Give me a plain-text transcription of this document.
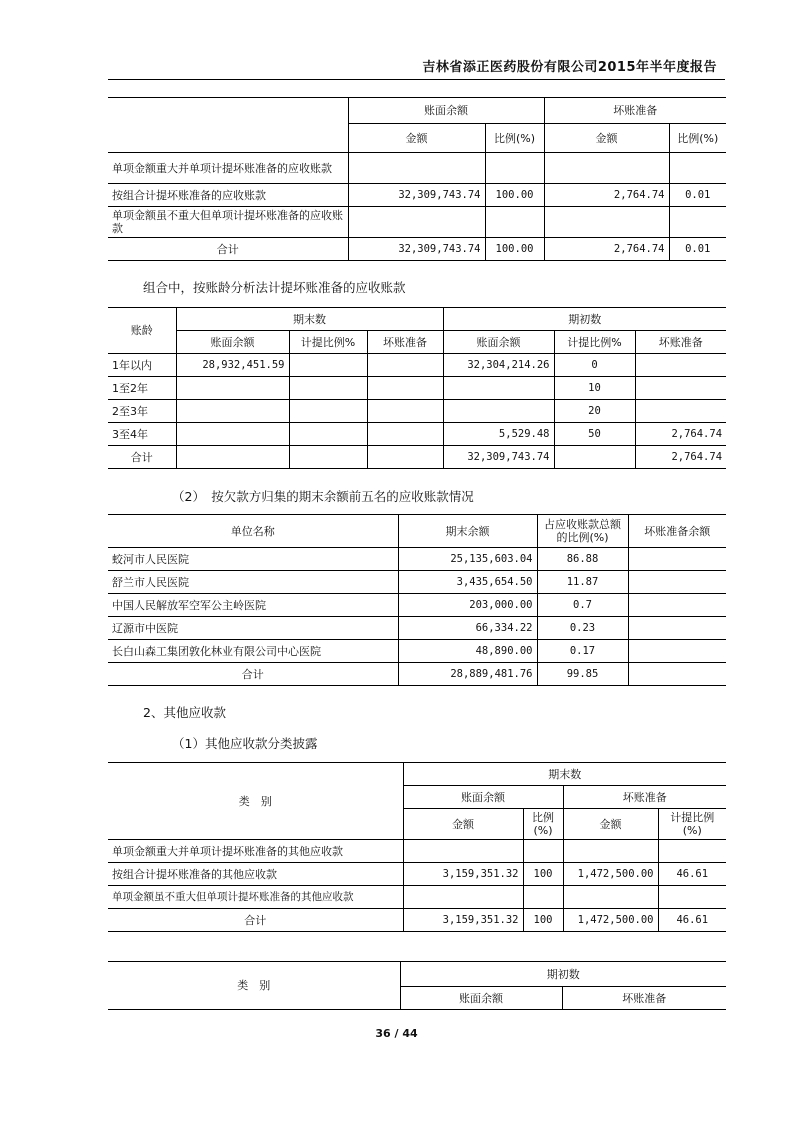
吉林省添正医药股份有限公司2015年半年度报告
	账面余额		坏账准备	
	金额	比例(%)	金额	比例(%)
单项金额重大并单项计提坏账准备的应收账款				
按组合计提坏账准备的应收账款	32,309,743.74	100.00	2,764.74	0.01
单项金额虽不重大但单项计提坏账准备的应收账款				
合计	32,309,743.74	100.00	2,764.74	0.01
组合中，按账龄分析法计提坏账准备的应收账款
账龄	期末数			期初数		
	账面余额	计提比例%	坏账准备	账面余额	计提比例%	坏账准备
1年以内	28,932,451.59			32,304,214.26	0	
1至2年					10	
2至3年					20	
3至4年				5,529.48	50	2,764.74
合计				32,309,743.74		2,764.74
（2）　按欠款方归集的期末余额前五名的应收账款情况
单位名称	期末余额	占应收账款总额的比例(%)	坏账准备余额
蛟河市人民医院	25,135,603.04	86.88	
舒兰市人民医院	3,435,654.50	11.87	
中国人民解放军空军公主岭医院	203,000.00	0.7	
辽源市中医院	66,334.22	0.23	
长白山森工集团敦化林业有限公司中心医院	48,890.00	0.17	
合计	28,889,481.76	99.85	
2、其他应收款
（1）其他应收款分类披露
类　别	期末数			
	账面余额		坏账准备	
	金额	比例(%)	金额	计提比例(%)
单项金额重大并单项计提坏账准备的其他应收款				
按组合计提坏账准备的其他应收款	3,159,351.32	100	1,472,500.00	46.61
单项金额虽不重大但单项计提坏账准备的其他应收款				
合计	3,159,351.32	100	1,472,500.00	46.61
类　别	期初数	
	账面余额	坏账准备
36 / 44
